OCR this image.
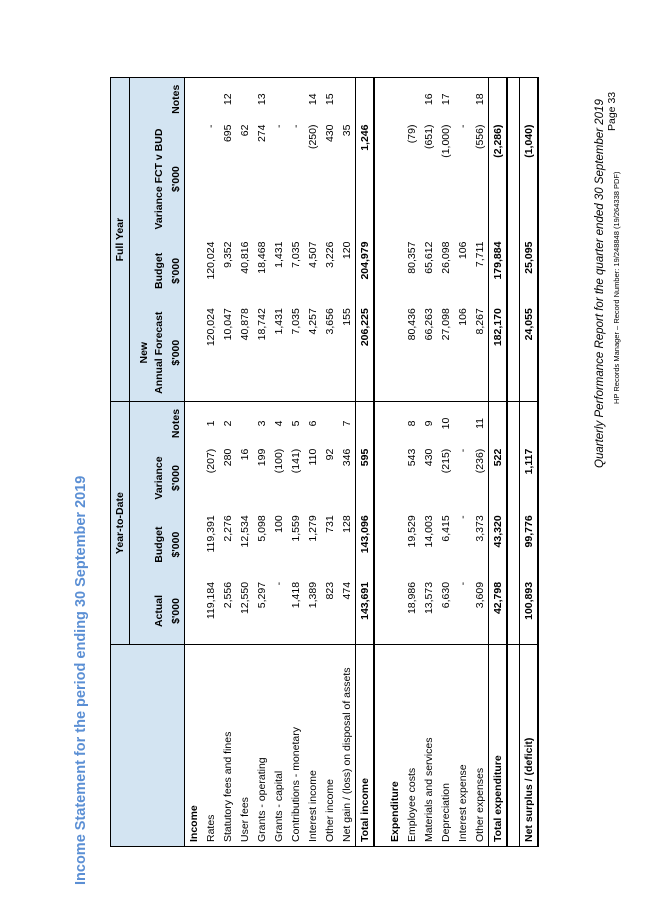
Income Statement for the period ending 30 September 2019
	Year-to-Date				Full Year			
					New			
	Actual	Budget	Variance		Annual Forecast	Budget	Variance FCT v BUD	
	$'000	$'000	$'000	Notes	$'000	$'000	$'000	Notes
Income								
Rates	119,184	119,391	(207)	1	120,024	120,024	-	
Statutory fees and fines	2,556	2,276	280	2	10,047	9,352	695	12
User fees	12,550	12,534	16		40,878	40,816	62	
Grants - operating	5,297	5,098	199	3	18,742	18,468	274	13
Grants - capital	-	100	(100)	4	1,431	1,431	-	
Contributions - monetary	1,418	1,559	(141)	5	7,035	7,035	-	
Interest income	1,389	1,279	110	6	4,257	4,507	(250)	14
Other income	823	731	92		3,656	3,226	430	15
Net gain / (loss) on disposal of assets	474	128	346	7	155	120	35	
Total income	143,691	143,096	595		206,225	204,979	1,246	

Expenditure								
Employee costs	18,986	19,529	543	8	80,436	80,357	(79)	
Materials and services	13,573	14,003	430	9	66,263	65,612	(651)	16
Depreciation	6,630	6,415	(215)	10	27,098	26,098	(1,000)	17
Interest expense	-	-	-		106	106	-	
Other expenses	3,609	3,373	(236)	11	8,267	7,711	(556)	18
Total expenditure	42,798	43,320	522		182,170	179,884	(2,286)	

Net surplus / (deficit)	100,893	99,776	1,117		24,055	25,095	(1,040)		Quarterly Performance Report for the quarter ended 30 September 2019 HP Records Manager – Record Number: 19/248848 (19/264338 PDF)
Page 33
